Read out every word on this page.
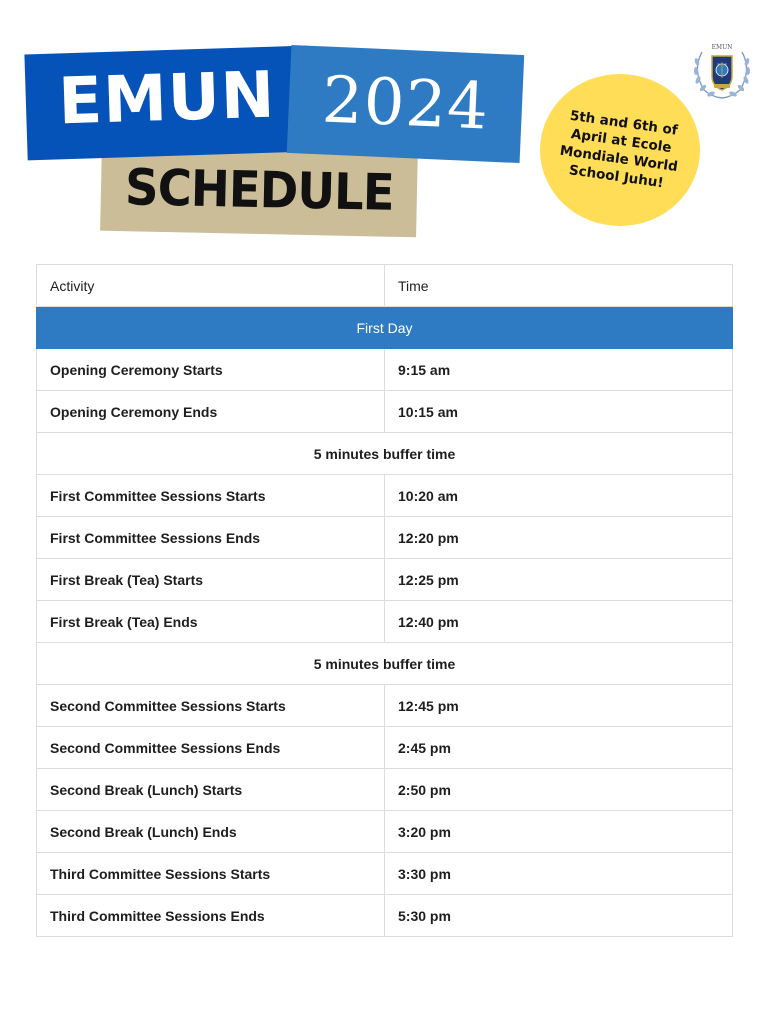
EMUN 2024
SCHEDULE
5th and 6th of April at Ecole Mondiale World School Juhu!
EMUN
Activity	Time
First Day	
Opening Ceremony Starts	9:15 am
Opening Ceremony Ends	10:15 am
5 minutes buffer time	
First Committee Sessions Starts	10:20 am
First Committee Sessions Ends	12:20 pm
First Break (Tea) Starts	12:25 pm
First Break (Tea) Ends	12:40 pm
5 minutes buffer time	
Second Committee Sessions Starts	12:45 pm
Second Committee Sessions Ends	2:45 pm
Second Break (Lunch) Starts	2:50 pm
Second Break (Lunch) Ends	3:20 pm
Third Committee Sessions Starts	3:30 pm
Third Committee Sessions Ends	5:30 pm
